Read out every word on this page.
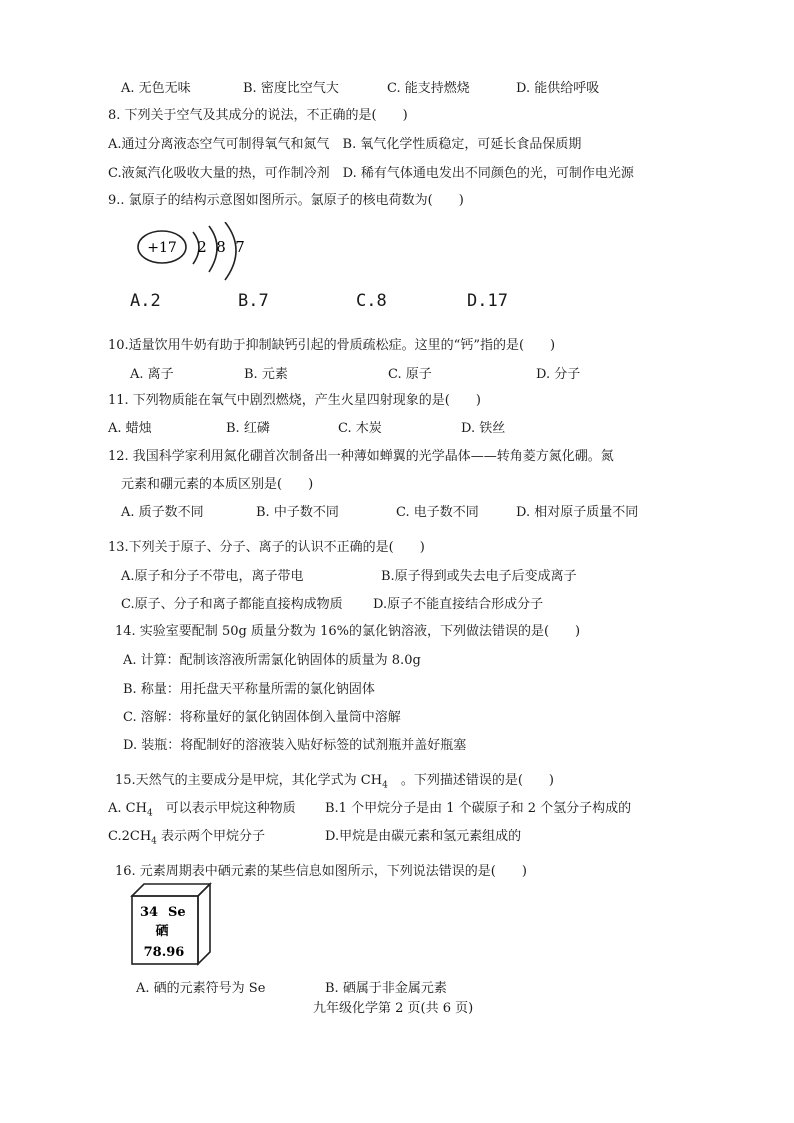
A. 无色无味	B. 密度比空气大	C. 能支持燃烧	D. 能供给呼吸
8. 下列关于空气及其成分的说法，不正确的是(　　)
A.通过分离液态空气可制得氧气和氮气　B. 氧气化学性质稳定，可延长食品保质期
C.液氮汽化吸收大量的热，可作制冷剂　D. 稀有气体通电发出不同颜色的光，可制作电光源
9.. 氯原子的结构示意图如图所示。氯原子的核电荷数为(　　)
+17 2 8 7
A.2	B.7	C.8	D.17
10.适量饮用牛奶有助于抑制缺钙引起的骨质疏松症。这里的“钙”指的是(　　)
A. 离子	B. 元素	C. 原子	D. 分子
11. 下列物质能在氧气中剧烈燃烧，产生火星四射现象的是(　　)
A. 蜡烛	B. 红磷	C. 木炭	D. 铁丝
12. 我国科学家利用氮化硼首次制备出一种薄如蝉翼的光学晶体——转角菱方氮化硼。氮
元素和硼元素的本质区别是(　　)
A. 质子数不同	B. 中子数不同	C. 电子数不同	D. 相对原子质量不同
13.下列关于原子、分子、离子的认识不正确的是(　　)
A.原子和分子不带电，离子带电	B.原子得到或失去电子后变成离子
C.原子、分子和离子都能直接构成物质 D.原子不能直接结合形成分子
14. 实验室要配制 50g 质量分数为 16%的氯化钠溶液，下列做法错误的是(　　)
A. 计算：配制该溶液所需氯化钠固体的质量为 8.0g
B. 称量：用托盘天平称量所需的氯化钠固体
C. 溶解：将称量好的氯化钠固体倒入量筒中溶解
D. 装瓶：将配制好的溶液装入贴好标签的试剂瓶并盖好瓶塞
15.天然气的主要成分是甲烷，其化学式为 $CH_4$　。下列描述错误的是(　　)
A. $CH_4$　可以表示甲烷这种物质 B.1 个甲烷分子是由 1 个碳原子和 2 个氢分子构成的
$C.2CH_4$ 表示两个甲烷分子	D.甲烷是由碳元素和氢元素组成的
16. 元素周期表中硒元素的某些信息如图所示，下列说法错误的是(　　)
34 Se
硒
78.96
A. 硒的元素符号为 Se	B. 硒属于非金属元素
九年级化学第 2 页(共 6 页)
